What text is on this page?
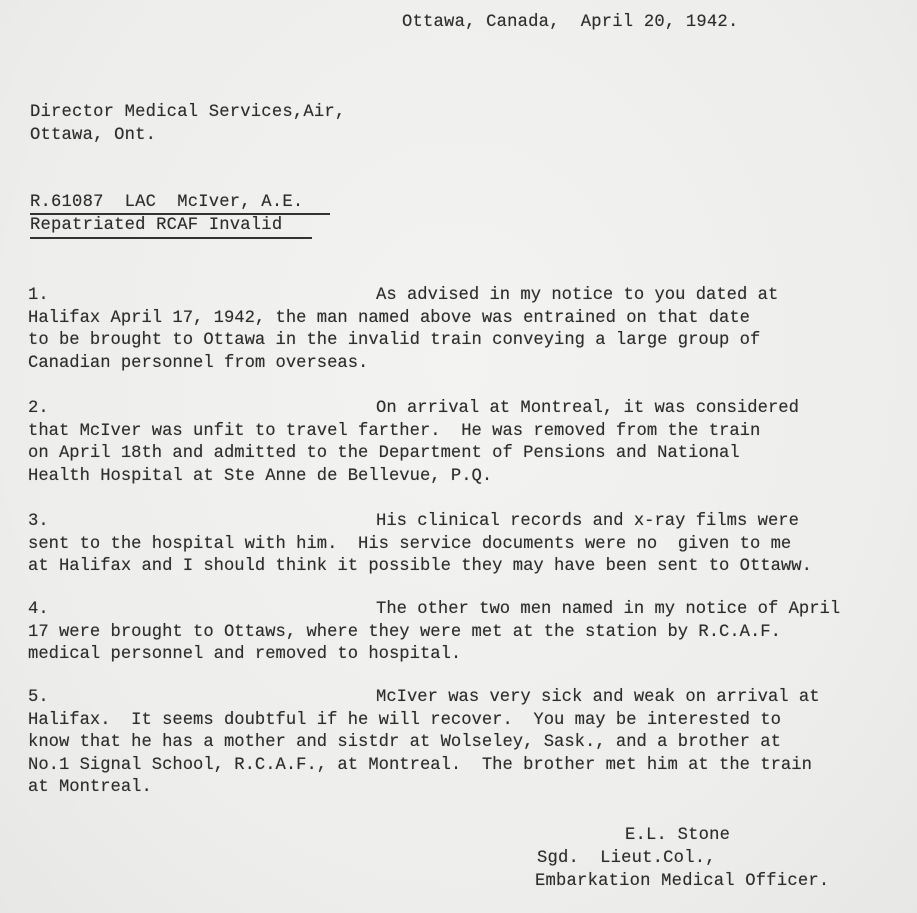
Ottawa, Canada,  April 20, 1942.
Director Medical Services,Air,
Ottawa, Ont.
R.61087  LAC  McIver, A.E.
Repatriated RCAF Invalid
1.	As advised in my notice to you dated at
Halifax April 17, 1942, the man named above was entrained on that date
to be brought to Ottawa in the invalid train conveying a large group of
Canadian personnel from overseas.
2.	On arrival at Montreal, it was considered
that McIver was unfit to travel farther.  He was removed from the train
on April 18th and admitted to the Department of Pensions and National
Health Hospital at Ste Anne de Bellevue, P.Q.
3.	His clinical records and x-ray films were
sent to the hospital with him.  His service documents were no  given to me
at Halifax and I should think it possible they may have been sent to Ottaww.
4.	The other two men named in my notice of April
17 were brought to Ottaws, where they were met at the station by R.C.A.F.
medical personnel and removed to hospital.
5.	McIver was very sick and weak on arrival at
Halifax.  It seems doubtful if he will recover.  You may be interested to
know that he has a mother and sistdr at Wolseley, Sask., and a brother at
No.1 Signal School, R.C.A.F., at Montreal.  The brother met him at the train
at Montreal.
E.L. Stone
Sgd.  Lieut.Col.,
Embarkation Medical Officer.
